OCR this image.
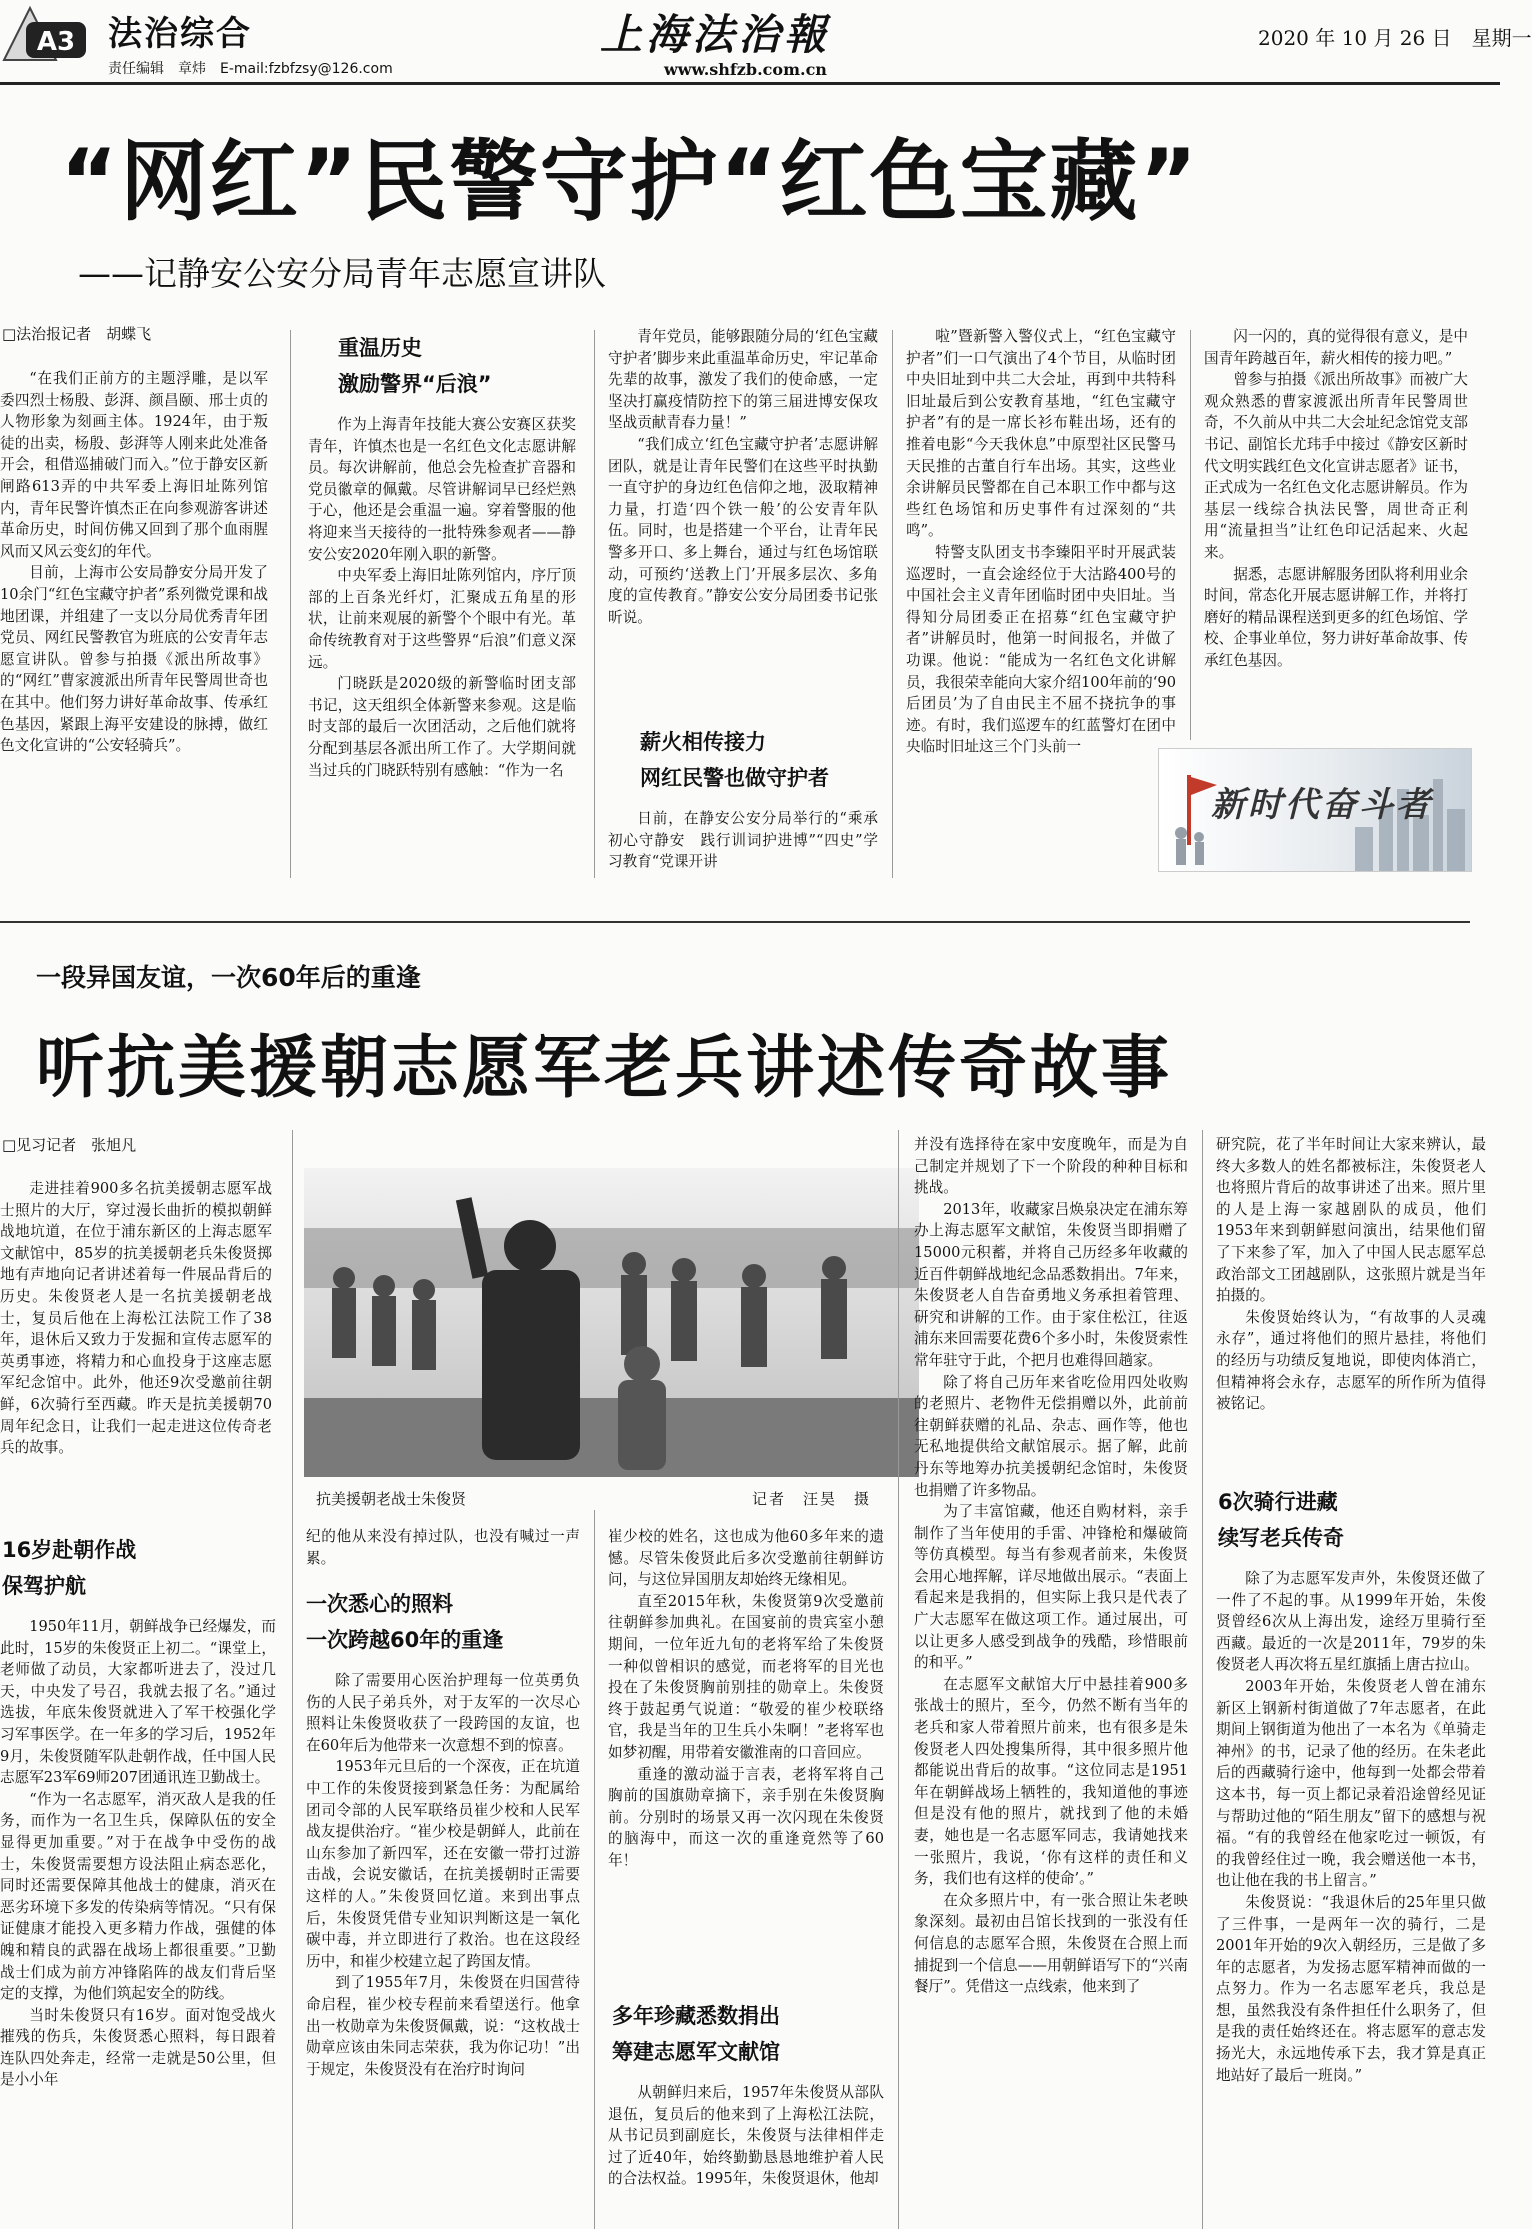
A3 法治综合
责任编辑　章炜　E-mail:fzbfzsy@126.com
上海法治報
www.shfzb.com.cn
2020 年 10 月 26 日　星期一
“网红”民警守护“红色宝藏”
——记静安公安分局青年志愿宣讲队
□法治报记者　胡蝶飞

“在我们正前方的主题浮雕，是以军委四烈士杨殷、彭湃、颜昌颐、邢士贞的人物形象为刻画主体。1924年，由于叛徒的出卖，杨殷、彭湃等人刚来此处准备开会，租借巡捕破门而入。”位于静安区新闸路613弄的中共军委上海旧址陈列馆内，青年民警许慎杰正在向参观游客讲述革命历史，时间仿佛又回到了那个血雨腥风而又风云变幻的年代。

目前，上海市公安局静安分局开发了10余门“红色宝藏守护者”系列微党课和战地团课，并组建了一支以分局优秀青年团党员、网红民警教官为班底的公安青年志愿宣讲队。曾参与拍摄《派出所故事》的“网红”曹家渡派出所青年民警周世奇也在其中。他们努力讲好革命故事、传承红色基因，紧跟上海平安建设的脉搏，做红色文化宣讲的“公安轻骑兵”。

重温历史
激励警界“后浪”

作为上海青年技能大赛公安赛区获奖青年，许慎杰也是一名红色文化志愿讲解员。每次讲解前，他总会先检查扩音器和党员徽章的佩戴。尽管讲解词早已经烂熟于心，他还是会重温一遍。穿着警服的他将迎来当天接待的一批特殊参观者——静安公安2020年刚入职的新警。

中央军委上海旧址陈列馆内，序厅顶部的上百条光纤灯，汇聚成五角星的形状，让前来观展的新警个个眼中有光。革命传统教育对于这些警界“后浪”们意义深远。

门晓跃是2020级的新警临时团支部书记，这天组织全体新警来参观。这是临时支部的最后一次团活动，之后他们就将分配到基层各派出所工作了。大学期间就当过兵的门晓跃特别有感触：“作为一名

青年党员，能够跟随分局的‘红色宝藏守护者’脚步来此重温革命历史，牢记革命先辈的故事，激发了我们的使命感，一定坚决打赢疫情防控下的第三届进博安保攻坚战贡献青春力量！”

“我们成立‘红色宝藏守护者’志愿讲解团队，就是让青年民警们在这些平时执勤一直守护的身边红色信仰之地，汲取精神力量，打造‘四个铁一般’的公安青年队伍。同时，也是搭建一个平台，让青年民警多开口、多上舞台，通过与红色场馆联动，可预约‘送教上门’开展多层次、多角度的宣传教育。”静安公安分局团委书记张昕说。

薪火相传接力
网红民警也做守护者

日前，在静安公安分局举行的“乘承初心守静安　践行训词护进博”“四史”学习教育“党课开讲

啦”暨新警入警仪式上，“红色宝藏守护者”们一口气演出了4个节目，从临时团中央旧址到中共二大会址，再到中共特科旧址最后到公安教育基地，“红色宝藏守护者”有的是一席长衫布鞋出场，还有的推着电影“今天我休息”中原型社区民警马天民推的古董自行车出场。其实，这些业余讲解员民警都在自己本职工作中都与这些红色场馆和历史事件有过深刻的“共鸣”。

特警支队团支书李臻阳平时开展武装巡逻时，一直会途经位于大沽路400号的中国社会主义青年团临时团中央旧址。当得知分局团委正在招募“红色宝藏守护者”讲解员时，他第一时间报名，并做了功课。他说：“能成为一名红色文化讲解员，我很荣幸能向大家介绍100年前的‘90后团员’为了自由民主不屈不挠抗争的事迹。有时，我们巡逻车的红蓝警灯在团中央临时旧址这三个门头前一

闪一闪的，真的觉得很有意义，是中国青年跨越百年，薪火相传的接力吧。”

曾参与拍摄《派出所故事》而被广大观众熟悉的曹家渡派出所青年民警周世奇，不久前从中共二大会址纪念馆党支部书记、副馆长尤玮手中接过《静安区新时代文明实践红色文化宣讲志愿者》证书，正式成为一名红色文化志愿讲解员。作为基层一线综合执法民警，周世奇正利用“流量担当”让红色印记活起来、火起来。

据悉，志愿讲解服务团队将利用业余时间，常态化开展志愿讲解工作，并将打磨好的精品课程送到更多的红色场馆、学校、企事业单位，努力讲好革命故事、传承红色基因。

新时代奋斗者
一段异国友谊，一次60年后的重逢
听抗美援朝志愿军老兵讲述传奇故事
□见习记者　张旭凡

走进挂着900多名抗美援朝志愿军战士照片的大厅，穿过漫长曲折的模拟朝鲜战地坑道，在位于浦东新区的上海志愿军文献馆中，85岁的抗美援朝老兵朱俊贤掷地有声地向记者讲述着每一件展品背后的历史。朱俊贤老人是一名抗美援朝老战士，复员后他在上海松江法院工作了38年，退休后又致力于发掘和宣传志愿军的英勇事迹，将精力和心血投身于这座志愿军纪念馆中。此外，他还9次受邀前往朝鲜，6次骑行至西藏。昨天是抗美援朝70周年纪念日，让我们一起走进这位传奇老兵的故事。

抗美援朝老战士朱俊贤	记者　汪昊　摄
16岁赴朝作战
保驾护航

1950年11月，朝鲜战争已经爆发，而此时，15岁的朱俊贤正上初二。“课堂上，老师做了动员，大家都听进去了，没过几天，中央发了号召，我就去报了名。”通过选拔，年底朱俊贤就进入了军干校强化学习军事医学。在一年多的学习后，1952年9月，朱俊贤随军队赴朝作战，任中国人民志愿军23军69师207团通讯连卫勤战士。

“作为一名志愿军，消灭敌人是我的任务，而作为一名卫生兵，保障队伍的安全显得更加重要。”对于在战争中受伤的战士，朱俊贤需要想方设法阻止病态恶化，同时还需要保障其他战士的健康，消灭在恶劣环境下多发的传染病等情况。“只有保证健康才能投入更多精力作战，强健的体魄和精良的武器在战场上都很重要。”卫勤战士们成为前方冲锋陷阵的战友们背后坚定的支撑，为他们筑起安全的防线。

当时朱俊贤只有16岁。面对饱受战火摧残的伤兵，朱俊贤悉心照料，每日跟着连队四处奔走，经常一走就是50公里，但是小小年

纪的他从来没有掉过队，也没有喊过一声累。

一次悉心的照料
一次跨越60年的重逢

除了需要用心医治护理每一位英勇负伤的人民子弟兵外，对于友军的一次尽心照料让朱俊贤收获了一段跨国的友谊，也在60年后为他带来一次意想不到的惊喜。

1953年元旦后的一个深夜，正在坑道中工作的朱俊贤接到紧急任务：为配属给团司令部的人民军联络员崔少校和人民军战友提供治疗。“崔少校是朝鲜人，此前在山东参加了新四军，还在安徽一带打过游击战，会说安徽话，在抗美援朝时正需要这样的人。”朱俊贤回忆道。来到出事点后，朱俊贤凭借专业知识判断这是一氧化碳中毒，并立即进行了救治。也在这段经历中，和崔少校建立起了跨国友情。

到了1955年7月，朱俊贤在归国营待命启程，崔少校专程前来看望送行。他拿出一枚勋章为朱俊贤佩戴，说：“这枚战士勋章应该由朱同志荣获，我为你记功！”出于规定，朱俊贤没有在治疗时询问

崔少校的姓名，这也成为他60多年来的遗憾。尽管朱俊贤此后多次受邀前往朝鲜访问，与这位异国朋友却始终无缘相见。

直至2015年秋，朱俊贤第9次受邀前往朝鲜参加典礼。在国宴前的贵宾室小憩期间，一位年近九旬的老将军给了朱俊贤一种似曾相识的感觉，而老将军的目光也投在了朱俊贤胸前别挂的勋章上。朱俊贤终于鼓起勇气说道：“敬爱的崔少校联络官，我是当年的卫生兵小朱啊！”老将军也如梦初醒，用带着安徽淮南的口音回应。

重逢的激动溢于言表，老将军将自己胸前的国旗勋章摘下，亲手别在朱俊贤胸前。分别时的场景又再一次闪现在朱俊贤的脑海中，而这一次的重逢竟然等了60年！

多年珍藏悉数捐出
筹建志愿军文献馆

从朝鲜归来后，1957年朱俊贤从部队退伍，复员后的他来到了上海松江法院，从书记员到副庭长，朱俊贤与法律相伴走过了近40年，始终勤勤恳恳地维护着人民的合法权益。1995年，朱俊贤退休，他却

并没有选择待在家中安度晚年，而是为自己制定并规划了下一个阶段的种种目标和挑战。

2013年，收藏家吕焕泉决定在浦东筹办上海志愿军文献馆，朱俊贤当即捐赠了15000元积蓄，并将自己历经多年收藏的近百件朝鲜战地纪念品悉数捐出。7年来，朱俊贤老人自告奋勇地义务承担着管理、研究和讲解的工作。由于家住松江，往返浦东来回需要花费6个多小时，朱俊贤索性常年驻守于此，个把月也难得回趟家。

除了将自己历年来省吃俭用四处收购的老照片、老物件无偿捐赠以外，此前前往朝鲜获赠的礼品、杂志、画作等，他也无私地提供给文献馆展示。据了解，此前丹东等地筹办抗美援朝纪念馆时，朱俊贤也捐赠了许多物品。

为了丰富馆藏，他还自购材料，亲手制作了当年使用的手雷、冲锋枪和爆破筒等仿真模型。每当有参观者前来，朱俊贤会用心地挥解，详尽地做出展示。“表面上看起来是我捐的，但实际上我只是代表了广大志愿军在做这项工作。通过展出，可以让更多人感受到战争的残酷，珍惜眼前的和平。”

在志愿军文献馆大厅中悬挂着900多张战士的照片，至今，仍然不断有当年的老兵和家人带着照片前来，也有很多是朱俊贤老人四处搜集所得，其中很多照片他都能说出背后的故事。“这位同志是1951年在朝鲜战场上牺牲的，我知道他的事迹但是没有他的照片，就找到了他的未婚妻，她也是一名志愿军同志，我请她找来一张照片，我说，‘你有这样的责任和义务，我们也有这样的使命’。”

在众多照片中，有一张合照让朱老映象深刻。最初由吕馆长找到的一张没有任何信息的志愿军合照，朱俊贤在合照上而捕捉到一个信息——用朝鲜语写下的“兴南餐厅”。凭借这一点线索，他来到了

研究院，花了半年时间让大家来辨认，最终大多数人的姓名都被标注，朱俊贤老人也将照片背后的故事讲述了出来。照片里的人是上海一家越剧队的成员，他们1953年来到朝鲜慰问演出，结果他们留了下来参了军，加入了中国人民志愿军总政治部文工团越剧队，这张照片就是当年拍摄的。

朱俊贤始终认为，“有故事的人灵魂永存”，通过将他们的照片悬挂，将他们的经历与功绩反复地说，即使肉体消亡，但精神将会永存，志愿军的所作所为值得被铭记。

6次骑行进藏
续写老兵传奇

除了为志愿军发声外，朱俊贤还做了一件了不起的事。从1999年开始，朱俊贤曾经6次从上海出发，途经万里骑行至西藏。最近的一次是2011年，79岁的朱俊贤老人再次将五星红旗插上唐古拉山。

2003年开始，朱俊贤老人曾在浦东新区上钢新村街道做了7年志愿者，在此期间上钢街道为他出了一本名为《单骑走神州》的书，记录了他的经历。在朱老此后的西藏骑行途中，他每到一处都会带着这本书，每一页上都记录着沿途曾经见证与帮助过他的“陌生朋友”留下的感想与祝福。“有的我曾经在他家吃过一顿饭，有的我曾经住过一晚，我会赠送他一本书，也让他在我的书上留言。”

朱俊贤说：“我退休后的25年里只做了三件事，一是两年一次的骑行，二是2001年开始的9次入朝经历，三是做了多年的志愿者，为发扬志愿军精神而做的一点努力。作为一名志愿军老兵，我总是想，虽然我没有条件担任什么职务了，但是我的责任始终还在。将志愿军的意志发扬光大，永远地传承下去，我才算是真正地站好了最后一班岗。”
